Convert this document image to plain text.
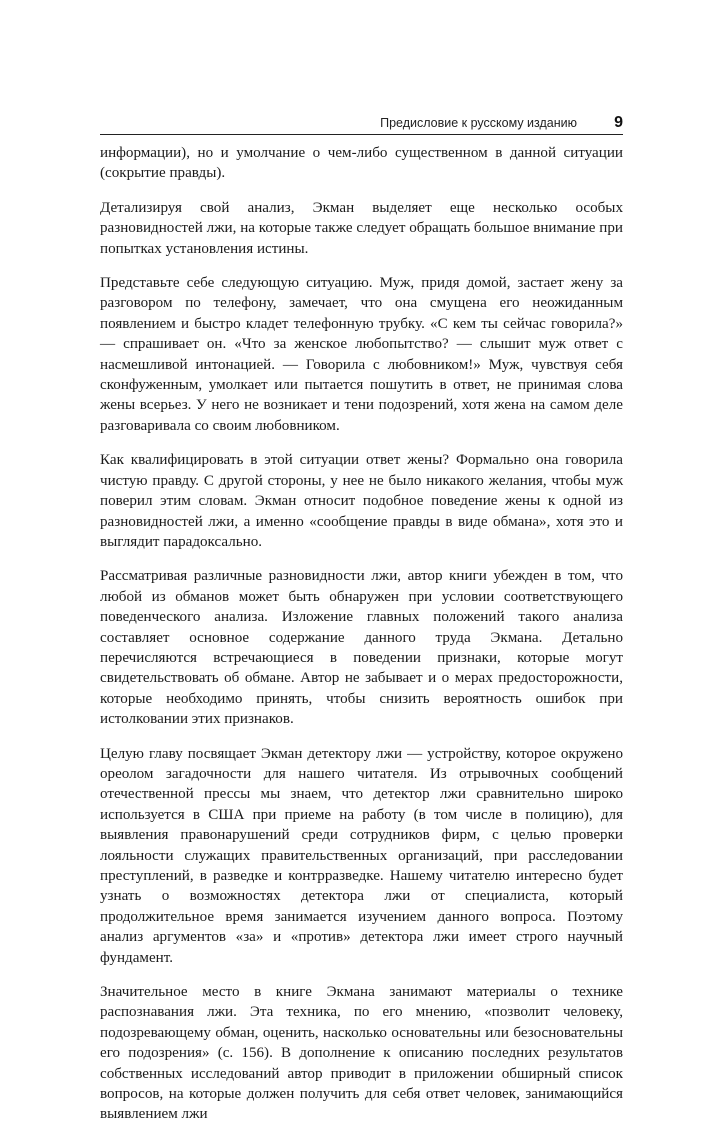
Предисловие к русскому изданию 9

информации), но и умолчание о чем-либо существенном в данной ситуации (сокрытие правды).

Детализируя свой анализ, Экман выделяет еще несколько особых разновидностей лжи, на которые также следует обращать большое внимание при попытках установления истины.

Представьте себе следующую ситуацию. Муж, придя домой, застает жену за разговором по телефону, замечает, что она смущена его неожиданным появлением и быстро кладет телефонную трубку. «С кем ты сейчас говорила?» — спрашивает он. «Что за женское любопытство? — слышит муж ответ с насмешливой интонацией. — Говорила с любовником!» Муж, чувствуя себя сконфуженным, умолкает или пытается пошутить в ответ, не принимая слова жены всерьез. У него не возникает и тени подозрений, хотя жена на самом деле разговаривала со своим любовником.

Как квалифицировать в этой ситуации ответ жены? Формально она говорила чистую правду. С другой стороны, у нее не было никакого желания, чтобы муж поверил этим словам. Экман относит подобное поведение жены к одной из разновидностей лжи, а именно «сообщение правды в виде обмана», хотя это и выглядит парадоксально.

Рассматривая различные разновидности лжи, автор книги убежден в том, что любой из обманов может быть обнаружен при условии соответствующего поведенческого анализа. Изложение главных положений такого анализа составляет основное содержание данного труда Экмана. Детально перечисляются встречающиеся в поведении признаки, которые могут свидетельствовать об обмане. Автор не забывает и о мерах предосторожности, которые необходимо принять, чтобы снизить вероятность ошибок при истолковании этих признаков.

Целую главу посвящает Экман детектору лжи — устройству, которое окружено ореолом загадочности для нашего читателя. Из отрывочных сообщений отечественной прессы мы знаем, что детектор лжи сравнительно широко используется в США при приеме на работу (в том числе в полицию), для выявления правонарушений среди сотрудников фирм, с целью проверки лояльности служащих правительственных организаций, при расследовании преступлений, в разведке и контрразведке. Нашему читателю интересно будет узнать о возможностях детектора лжи от специалиста, который продолжительное время занимается изучением данного вопроса. Поэтому анализ аргументов «за» и «против» детектора лжи имеет строго научный фундамент.

Значительное место в книге Экмана занимают материалы о технике распознавания лжи. Эта техника, по его мнению, «позволит человеку, подозревающему обман, оценить, насколько основательны или безосновательны его подозрения» (с. 156). В дополнение к описанию последних результатов собственных исследований автор приводит в приложении обширный список вопросов, на которые должен получить для себя ответ человек, занимающийся выявлением лжи
